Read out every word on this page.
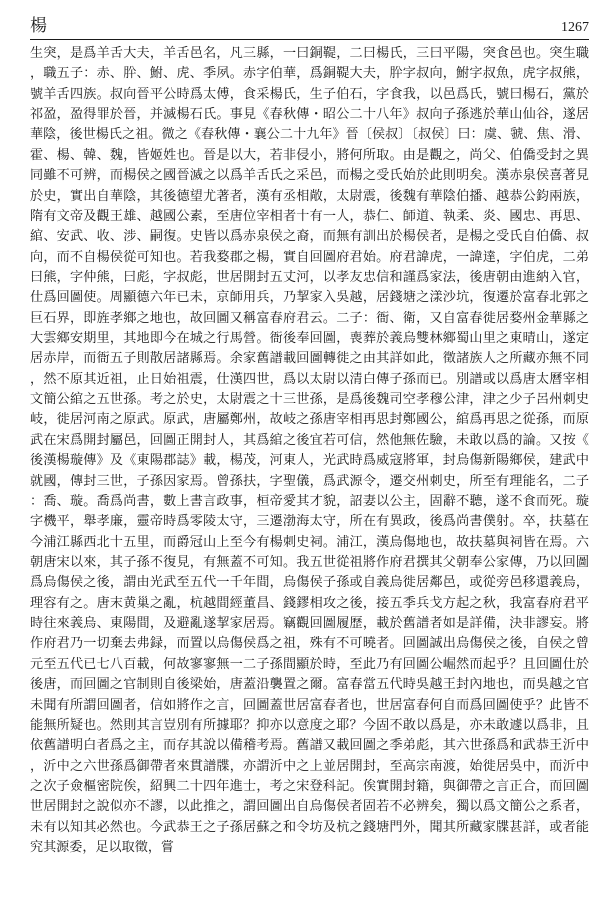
楊	1267

生突，是爲羊舌大夫，羊舌邑名，凡三縣，一曰銅鞮，二曰楊氏，三曰平陽，突食邑也。突生職，職五子：赤、肸、鮒、虎、季夙。赤字伯華，爲銅鞮大夫，肸字叔向，鮒字叔魚，虎字叔熊，號羊舌四族。叔向晉平公時爲太傅，食采楊氏，生子伯石，字食我，以邑爲氏，號曰楊石，黨於祁盈，盈得罪於晉，并滅楊石氏。事見《春秋傳・昭公二十八年》叔向子孫逃於華山仙谷，遂居華陰，後世楊氏之祖。微之《春秋傳・襄公二十九年》晉〔侯叔〕〔叔侯〕曰：虞、虢、焦、滑、霍、楊、韓、魏，皆姬姓也。晉是以大，若非侵小，將何所取。由是觀之，尚父、伯僑受封之異同雖不可辨，而楊侯之國晉滅之以爲羊舌氏之采邑，而楊之受氏始於此則明矣。漢赤泉侯喜著見於史，實出自華陰，其後德望尤著者，漢有丞相敞，太尉震，後魏有華陰伯播、越恭公鈞兩族，隋有文帝及觀王雄、越國公素，至唐位宰相者十有一人，恭仁、師道、執柔、炎、國忠、再思、綰、安武、收、涉、嗣復。史皆以爲赤泉侯之裔，而無有訓出於楊侯者，是楊之受氏自伯僑、叔向，而不自楊侯從可知也。若我婺郡之楊，實自回圖府君始。府君諱虎，一諱達，字伯虎，二弟曰熊，字仲熊，曰彪，字叔彪，世居開封五丈河，以孝友忠信和謹爲家法，後唐朝由進納入官，仕爲回圖使。周顯德六年已未，京師用兵，乃挈家入吳越，居錢塘之漾沙坑，復遷於富春北郭之巨石界，即旌孝鄉之地也，故回圖又稱富春府君云。二子：衙、衛，又自富春徙居婺州金華縣之大雲鄉安期里，其地即今在城之行馬營。衙後奉回圖，喪葬於義烏雙林鄉蜀山里之東晴山，遂定居赤岸，而衙五子則散居諸縣焉。余家舊譜載回圖轉徙之由其詳如此，徵諸族人之所藏亦無不同，然不原其近祖，止日始祖震，仕漢四世，爲以太尉以清白傳子孫而已。別譜或以爲唐太曆宰相文簡公綰之五世孫。考之於史，太尉震之十三世孫，是爲後魏司空孝穆公津，津之少子呂州刺史岐，徙居河南之原武。原武，唐屬鄭州，故岐之孫唐宰相再思封鄭國公，綰爲再思之從孫，而原武在宋爲開封屬邑，回圖正開封人，其爲綰之後宜若可信，然他無佐驗，未敢以爲的論。又按《後漢楊璇傳》及《東陽郡誌》載，楊茂，河東人，光武時爲威寇將軍，封烏傷新陽鄉侯，建武中就國，傳封三世，子孫因家焉。曾孫扶，字聖儀，爲武源令，遷交州刺史，所至有理能名，二子：喬、璇。喬爲尚書，數上書言政事，桓帝愛其才貌，詔妻以公主，固辭不聽，遂不食而死。璇字機平，舉孝廉，靈帝時爲零陵太守，三遷渤海太守，所在有異政，後爲尚書僕射。卒，扶墓在今浦江縣西北十五里，而爵冠山上至今有楊刺史祠。浦江，漢烏傷地也，故扶墓與祠皆在焉。六朝唐宋以來，其子孫不復見，有無蓋不可知。我五世從祖將作府君撰其父朝奉公家傳，乃以回圖爲烏傷侯之後，謂由光武至五代一千年間，烏傷侯子孫或自義烏徙居鄰邑，或從旁邑移還義烏，理容有之。唐末黄巢之亂，杭越間經董昌、錢鏐相攻之後，接五季兵戈方起之秋，我富春府君平時往來義烏、東陽間，及避亂遂挈家居焉。竊觀回圖履歷，載於舊譜者如是詳備，決非謬妄。將作府君乃一切棄去弗録，而置以烏傷侯爲之祖，殊有不可曉者。回圖誠出烏傷侯之後，自侯之曾元至五代已七八百載，何故寥寥無一二子孫間顯於時，至此乃有回圖公崛然而起乎？且回圖仕於後唐，而回圖之官制則自後梁始，唐蓋沿襲置之爾。富春當五代時吳越王封內地也，而吳越之官未聞有所謂回圖者，信如將作之言，回圖蓋世居富春者也，世居富春何自而爲回圖使乎？此皆不能無所疑也。然則其言豈別有所據耶？抑亦以意度之耶？今固不敢以爲是，亦未敢遽以爲非，且依舊譜明白者爲之主，而存其說以備稽考焉。舊譜又載回圖之季弟彪，其六世孫爲和武恭王沂中，沂中之六世孫爲御帶者來貫譜牒，亦謂沂中之上並居開封，至高宗南渡，始徙居吳中，而沂中之次子僉樞密院俟，紹興二十四年進士，考之宋登科記。俟實開封籍，與御帶之言正合，而回圖世居開封之說似亦不謬，以此推之，謂回圖出自烏傷侯者固若不必辨矣，獨以爲文簡公之系者，未有以知其必然也。今武恭王之子孫居蘇之和令坊及杭之錢塘門外，聞其所藏家牒甚詳，或者能究其源委，足以取徵，嘗
